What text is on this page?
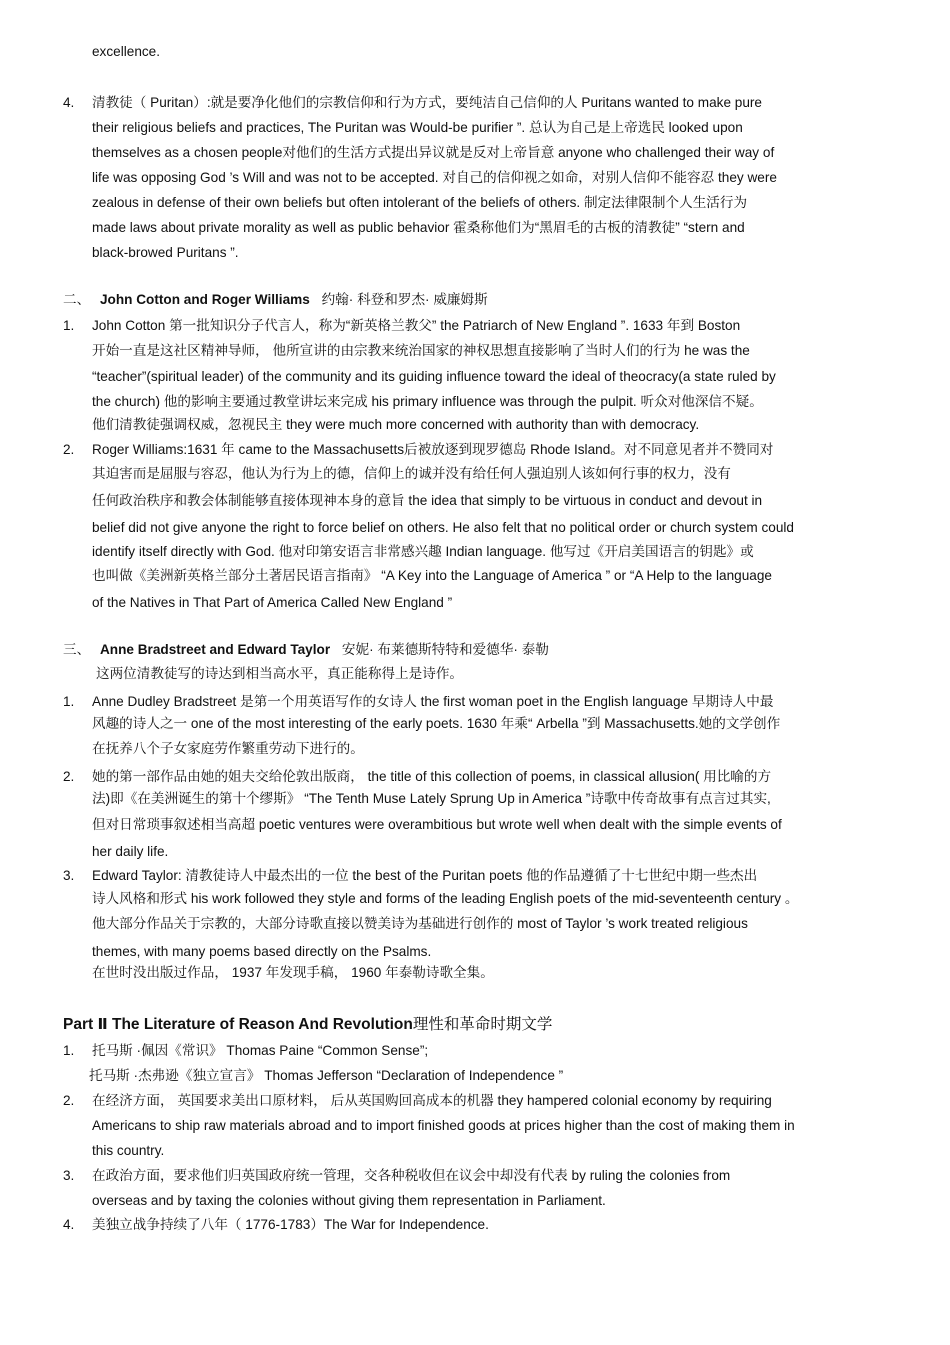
excellence.
4. 清教徒（ Puritan）:就是要净化他们的宗教信仰和行为方式，要纯洁自己信仰的人 Puritans wanted to make pure
their religious beliefs and practices, The Puritan was Would-be purifier ”. 总认为自己是上帝选民 looked upon
themselves as a chosen people对他们的生活方式提出异议就是反对上帝旨意 anyone who challenged their way of
life was opposing God ’s Will and was not to be accepted. 对自己的信仰视之如命，对别人信仰不能容忍 they were
zealous in defense of their own beliefs but often intolerant of the beliefs of others. 制定法律限制个人生活行为
made laws about private morality as well as public behavior 霍桑称他们为“黑眉毛的古板的清教徒” “stern and
black-browed Puritans ”.
二、 John Cotton and Roger Williams 约翰· 科登和罗杰· 威廉姆斯
1. John Cotton 第一批知识分子代言人，称为“新英格兰教父” the Patriarch of New England ”. 1633 年到 Boston
开始一直是这社区精神导师， 他所宣讲的由宗教来统治国家的神权思想直接影响了当时人们的行为 he was the
“teacher”(spiritual leader) of the community and its guiding influence toward the ideal of theocracy(a state ruled by
the church) 他的影响主要通过教堂讲坛来完成 his primary influence was through the pulpit. 听众对他深信不疑。
他们清教徒强调权威，忽视民主 they were much more concerned with authority than with democracy.
2. Roger Williams:1631 年 came to the Massachusetts后被放逐到现罗德岛 Rhode Island。对不同意见者并不赞同对
其迫害而是屈服与容忍，他认为行为上的德，信仰上的诚并没有给任何人强迫别人该如何行事的权力，没有
任何政治秩序和教会体制能够直接体现神本身的意旨 the idea that simply to be virtuous in conduct and devout in
belief did not give anyone the right to force belief on others. He also felt that no political order or church system could
identify itself directly with God. 他对印第安语言非常感兴趣 Indian language. 他写过《开启美国语言的钥匙》或
也叫做《美洲新英格兰部分土著居民语言指南》 “A Key into the Language of America ” or “A Help to the language
of the Natives in That Part of America Called New England ”
三、 Anne Bradstreet and Edward Taylor 安妮· 布莱德斯特特和爱德华· 泰勒
这两位清教徒写的诗达到相当高水平，真正能称得上是诗作。
1. Anne Dudley Bradstreet 是第一个用英语写作的女诗人 the first woman poet in the English language 早期诗人中最
风趣的诗人之一 one of the most interesting of the early poets. 1630 年乘“ Arbella ”到 Massachusetts.她的文学创作
在抚养八个子女家庭劳作繁重劳动下进行的。
2. 她的第一部作品由她的姐夫交给伦敦出版商， the title of this collection of poems, in classical allusion( 用比喻的方
法)即《在美洲诞生的第十个缪斯》 “The Tenth Muse Lately Sprung Up in America ”诗歌中传奇故事有点言过其实,
但对日常琐事叙述相当高超 poetic ventures were overambitious but wrote well when dealt with the simple events of
her daily life.
3. Edward Taylor: 清教徒诗人中最杰出的一位 the best of the Puritan poets 他的作品遵循了十七世纪中期一些杰出
诗人风格和形式 his work followed they style and forms of the leading English poets of the mid-seventeenth century 。
他大部分作品关于宗教的，大部分诗歌直接以赞美诗为基础进行创作的 most of Taylor ’s work treated religious
themes, with many poems based directly on the Psalms.
在世时没出版过作品， 1937 年发现手稿， 1960 年泰勒诗歌全集。
Part Ⅱ The Literature of Reason And Revolution理性和革命时期文学
1. 托马斯 ·佩因《常识》 Thomas Paine “Common Sense”;
托马斯 ·杰弗逊《独立宣言》 Thomas Jefferson “Declaration of Independence ”
2. 在经济方面， 英国要求美出口原材料， 后从英国购回高成本的机器 they hampered colonial economy by requiring
Americans to ship raw materials abroad and to import finished goods at prices higher than the cost of making them in
this country.
3. 在政治方面，要求他们归英国政府统一管理，交各种税收但在议会中却没有代表 by ruling the colonies from
overseas and by taxing the colonies without giving them representation in Parliament.
4. 美独立战争持续了八年（ 1776-1783）The War for Independence.
